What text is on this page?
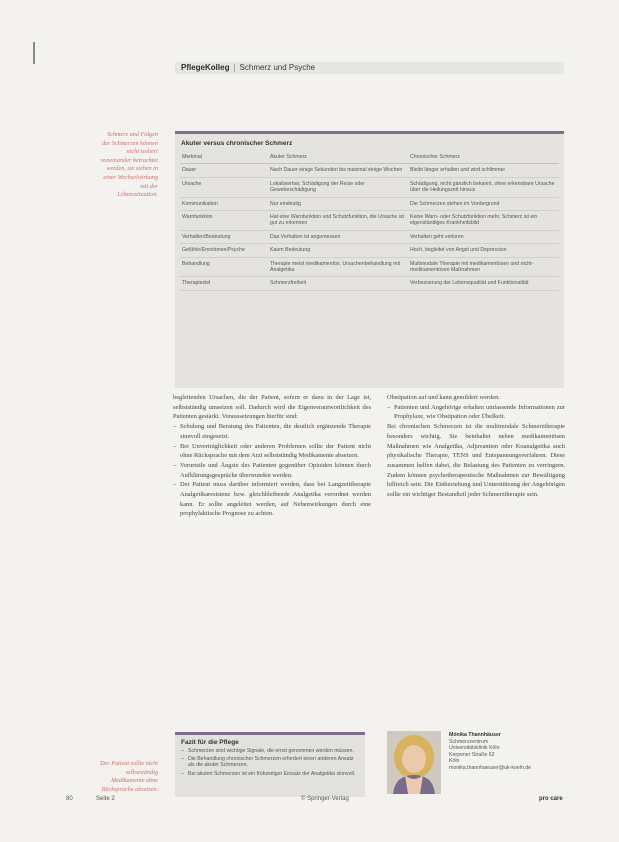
PflegeKolleg | Schmerz und Psyche
Schmerz und Folgen der Schmerzen können nicht isoliert voneinander betrachtet werden, sie stehen in einer Wechselwirkung mit der Lebenssituation.
Akuter versus chronischer Schmerz
Merkmal	Akuter Schmerz	Chronischer Schmerz
Dauer	Nach Dauer einige Sekunden bis maximal einige Wochen	Bleibt länger erhalten und wird schlimmer
Ursache	Lokalisierbar, Schädigung der Reize oder Gewebeschädigung	Schädigung, nicht gänzlich bekannt, ohne erkennbare Ursache über die Heilungszeit hinaus
Kommunikation	Nur eindeutig	Die Schmerzen stehen im Vordergrund
Warnfunktion	Hat eine Warnfunktion und Schutzfunktion, die Ursache ist gut zu erkennen	Keine Warn- oder Schutzfunktion mehr, Schmerz ist ein eigenständiges Krankheitsbild
Verhalten/Bedeutung	Das Verhalten ist angemessen	Verhalten geht verloren
Gefühle/Emotionen/Psyche	Kaum Bedeutung	Hoch, begleitet von Angst und Depression
Behandlung	Therapie meist medikamentös, Ursachenbehandlung mit Analgetika	Multimodale Therapie mit medikamentösen und nicht-medikamentösen Maßnahmen
Therapieziel	Schmerzfreiheit	Verbesserung der Lebensqualität und Funktionalität

begleitenden Ursachen, die der Patient, sofern er dazu in der Lage ist, selbstständig umsetzen soll. Dadurch wird die Eigenverantwortlichkeit des Patienten gestärkt. Voraussetzungen hierfür sind:

– Schulung und Beratung des Patienten, die deutlich ergänzende Therapie sinnvoll eingesetzt.
– Bei Unverträglichkeit oder anderen Problemen sollte der Patient nicht ohne Rücksprache mit dem Arzt selbstständig Medikamente absetzen.
– Vorurteile und Ängste des Patienten gegenüber Opioiden können durch Aufklärungsgespräche überwunden werden.
– Der Patient muss darüber informiert werden, dass bei Langzeittherapie Analgetikaresistenz bzw. gleichbleibende Analgetika verordnet werden kann. Er sollte angeleitet werden, auf Nebenwirkungen durch eine prophylaktische Prognose zu achten.

Obstipation auf und kann gemildert werden.

– Patienten und Angehörige erhalten umfassende Informationen zur Prophylaxe, wie Obstipation oder Übelkeit.

Bei chronischen Schmerzen ist die multimodale Schmerztherapie besonders wichtig. Sie beinhaltet neben medikamentösen Maßnahmen wie Analgetika, Adjuvantien oder Koanalgetika auch physikalische Therapie, TENS und Entspannungsverfahren. Diese zusammen helfen dabei, die Belastung des Patienten zu verringern. Zudem können psychotherapeutische Maßnahmen zur Bewältigung hilfreich sein. Die Einbeziehung und Unterstützung der Angehörigen sollte ein wichtiger Bestandteil jeder Schmerztherapie sein.

Fazit für die Pflege
– Schmerzen sind wichtige Signale, die ernst genommen werden müssen.
– Die Behandlung chronischer Schmerzen erfordert einen anderen Ansatz als die akuter Schmerzen.
– Bei akuten Schmerzen ist ein frühzeitiger Einsatz der Analgetika sinnvoll.
Der Patient sollte nicht selbstständig Medikamente ohne Rücksprache absetzen.
Mónika Thannhäuser
Schmerzzentrum
Universitätsklinik Köln
Kerpener Straße 62
Köln
monika.thannhaeuser@uk-koeln.de
80	Seite 2	© Springer-Verlag	pro care
